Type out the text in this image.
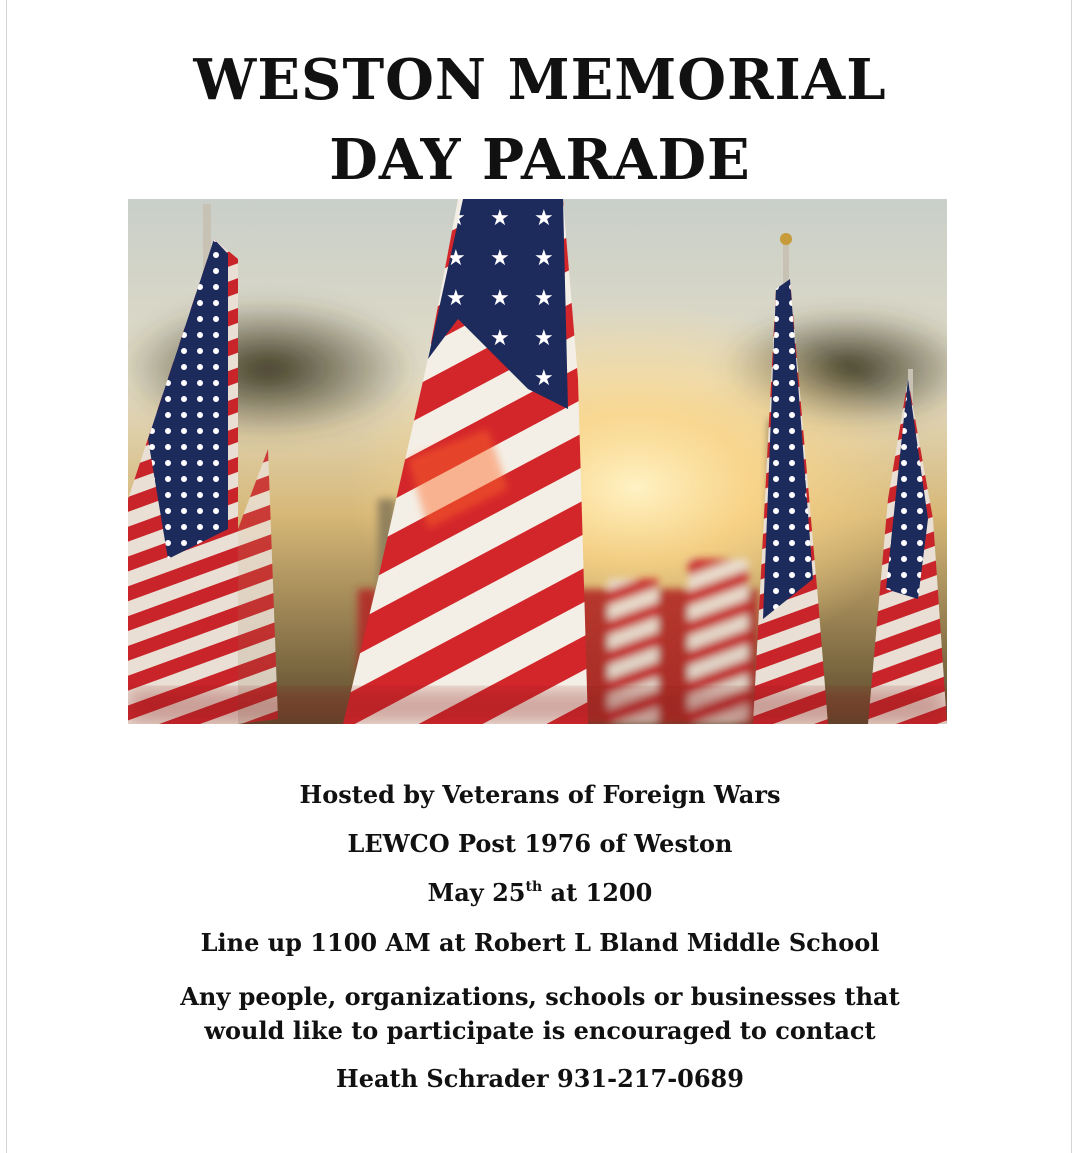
WESTON MEMORIAL
DAY PARADE

Hosted by Veterans of Foreign Wars

LEWCO Post 1976 of Weston

May 25th at 1200

Line up 1100 AM at Robert L Bland Middle School

Any people, organizations, schools or businesses that would like to participate is encouraged to contact

Heath Schrader 931-217-0689
